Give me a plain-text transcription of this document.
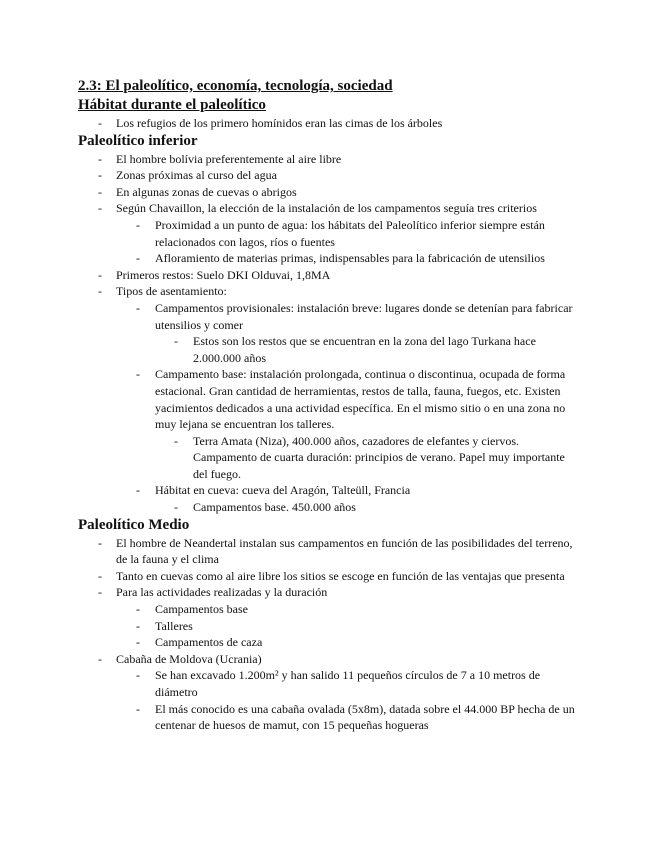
2.3: El paleolítico, economía, tecnología, sociedad
Hábitat durante el paleolítico
- Los refugios de los primero homínidos eran las cimas de los árboles
Paleolítico inferior
- El hombre bolívia preferentemente al aire libre
- Zonas próximas al curso del agua
- En algunas zonas de cuevas o abrigos
- Según Chavaillon, la elección de la instalación de los campamentos seguía tres criterios
- Proximidad a un punto de agua: los hábitats del Paleolítico inferior siempre están relacionados con lagos, ríos o fuentes
- Afloramiento de materias primas, indispensables para la fabricación de utensilios
- Primeros restos: Suelo DKI Olduvai, 1,8MA
- Tipos de asentamiento:
- Campamentos provisionales: instalación breve: lugares donde se detenían para fabricar utensilios y comer
- Estos son los restos que se encuentran en la zona del lago Turkana hace 2.000.000 años
- Campamento base: instalación prolongada, continua o discontinua, ocupada de forma estacional. Gran cantidad de herramientas, restos de talla, fauna, fuegos, etc. Existen yacimientos dedicados a una actividad específica. En el mismo sitio o en una zona no muy lejana se encuentran los talleres.
- Terra Amata (Niza), 400.000 años, cazadores de elefantes y ciervos. Campamento de cuarta duración: principios de verano. Papel muy importante del fuego.
- Hábitat en cueva: cueva del Aragón, Talteüll, Francia
- Campamentos base. 450.000 años
Paleolítico Medio
- El hombre de Neandertal instalan sus campamentos en función de las posibilidades del terreno, de la fauna y el clima
- Tanto en cuevas como al aire libre los sitios se escoge en función de las ventajas que presenta
- Para las actividades realizadas y la duración
- Campamentos base
- Talleres
- Campamentos de caza
- Cabaña de Moldova (Ucrania)
- Se han excavado 1.200m² y han salido 11 pequeños círculos de 7 a 10 metros de diámetro
- El más conocido es una cabaña ovalada (5x8m), datada sobre el 44.000 BP hecha de un centenar de huesos de mamut, con 15 pequeñas hogueras
